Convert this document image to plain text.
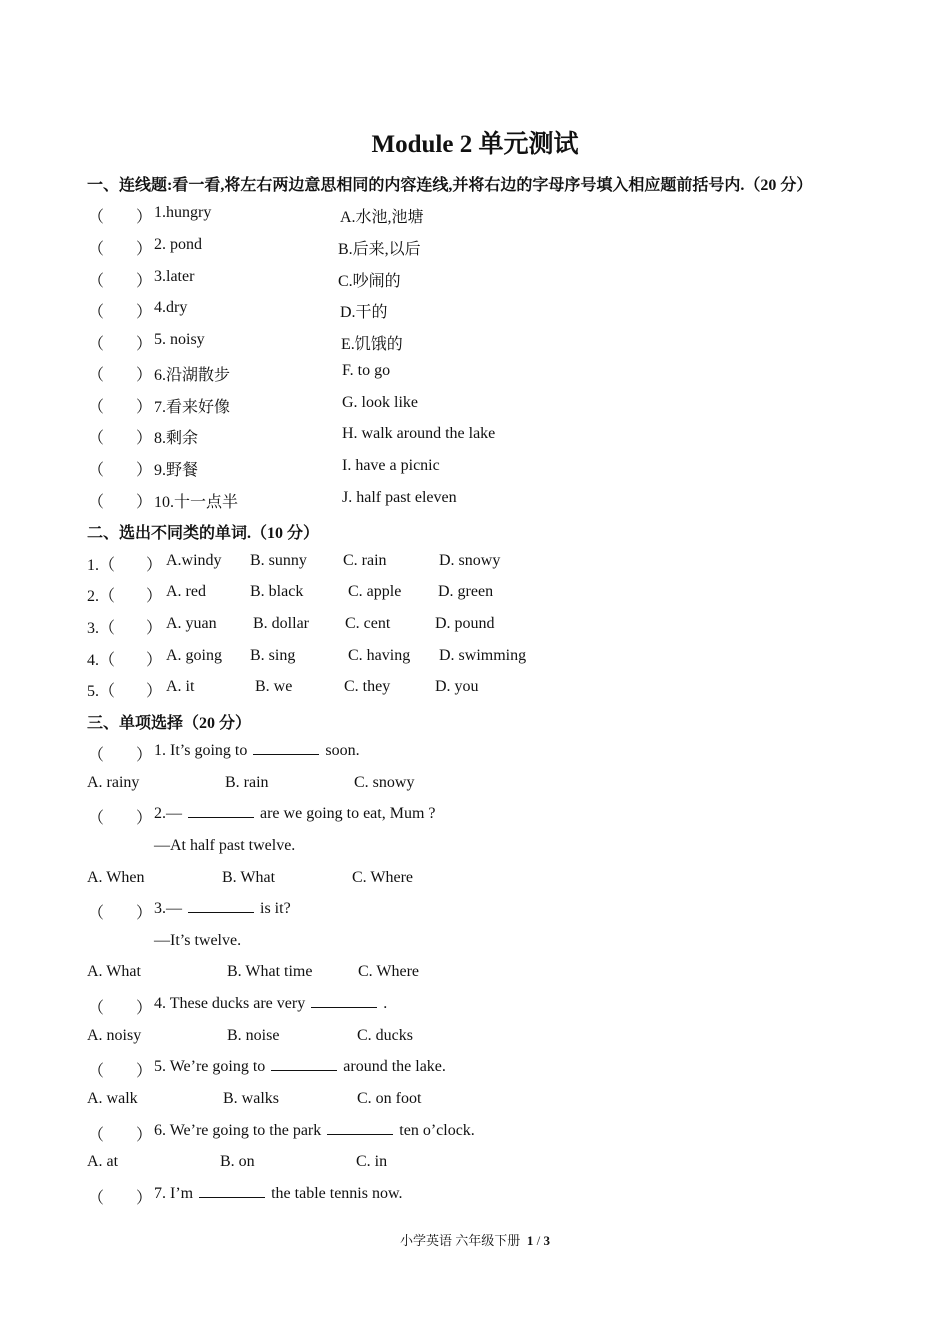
Module 2 单元测试
一、连线题:看一看,将左右两边意思相同的内容连线,并将右边的字母序号填入相应题前括号内.（20 分）
（　　） 1.hungry	A.水池,池塘
（　　） 2. pond	B.后来,以后
（　　） 3.later	C.吵闹的
（　　） 4.dry	D.干的
（　　） 5. noisy	E.饥饿的
（　　） 6.沿湖散步	F. to go
（　　） 7.看来好像	G. look like
（　　） 8.剩余	H. walk around the lake
（　　） 9.野餐	I. have a picnic
（　　） 10.十一点半	J. half past eleven
二、选出不同类的单词.（10 分）
1.（ ） A.windy B. sunny C. rain	D. snowy
2.（ ） A. red	B. black	C. apple D. green
3.（ ） A. yuan B. dollar C. cent	D. pound
4.（ ） A. going B. sing	C. having D. swimming
5.（ ） A. it	B. we	C. they	D. you
三、单项选择（20 分）
（　　） 1. It’s going to	soon.
A. rainy	B. rain	C. snowy
（　　） 2.—	are we going to eat, Mum ?
—At half past twelve.
A. When	B. What	C. Where
（　　） 3.—	is it?
—It’s twelve.
A. What	B. What time	C. Where
（　　） 4. These ducks are very	.
A. noisy	B. noise	C. ducks
（　　） 5. We’re going to	around the lake.
A. walk	B. walks	C. on foot
（　　） 6. We’re going to the park	ten o’clock.
A. at	B. on	C. in
（　　） 7. I’m	the table tennis now.
小学英语 六年级下册 1 / 3
